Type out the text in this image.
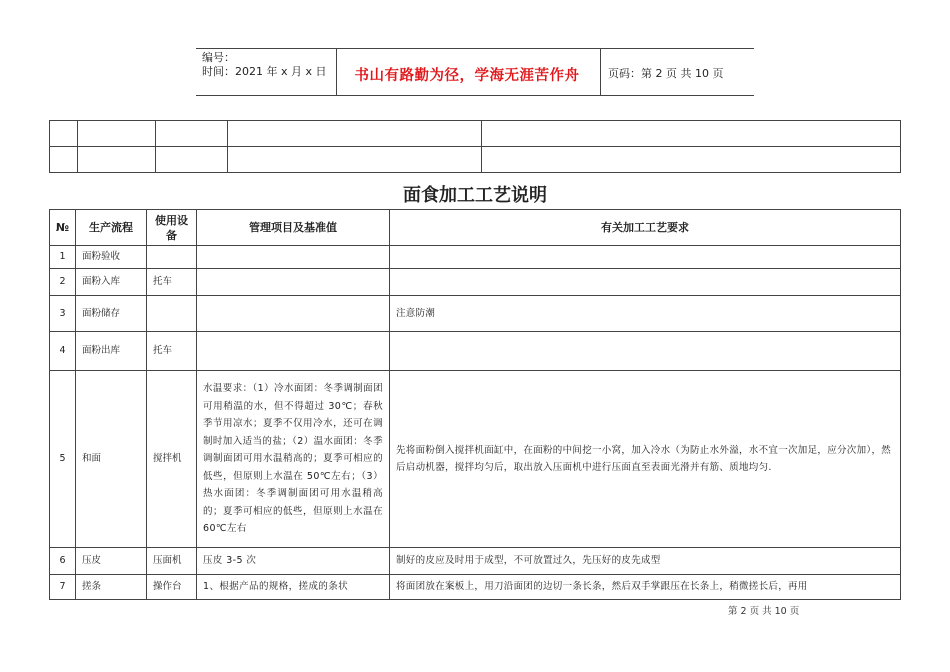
编号：
时间：2021 年 x 月 x 日	书山有路勤为径，学海无涯苦作舟	页码：第 2 页 共 10 页

面食加工工艺说明
№	生产流程	使用设备	管理项目及基准值	有关加工工艺要求
1	面粉验收			
2	面粉入库	托车		
3	面粉储存			注意防潮
4	面粉出库	托车		
5	和面	搅拌机	水温要求：（1）冷水面团：冬季调制面团可用稍温的水，但不得超过 30℃；春秋季节用凉水；夏季不仅用冷水，还可在调制时加入适当的盐；（2）温水面团：冬季调制面团可用水温稍高的；夏季可相应的低些，但原则上水温在 50℃左右；（3）热水面团：冬季调制面团可用水温稍高的；夏季可相应的低些，但原则上水温在 60℃左右	先将面粉倒入搅拌机面缸中，在面粉的中间挖一小窝，加入冷水（为防止水外溢，水不宜一次加足，应分次加），然后启动机器，搅拌均匀后，取出放入压面机中进行压面直至表面光滑并有筋、质地均匀.
6	压皮	压面机	压皮 3-5 次	制好的皮应及时用于成型，不可放置过久，先压好的皮先成型
7	搓条	操作台	1、根据产品的规格，搓成的条状	将面团放在案板上，用刀沿面团的边切一条长条，然后双手掌跟压在长条上，稍微搓长后，再用
第 2 页 共 10 页
